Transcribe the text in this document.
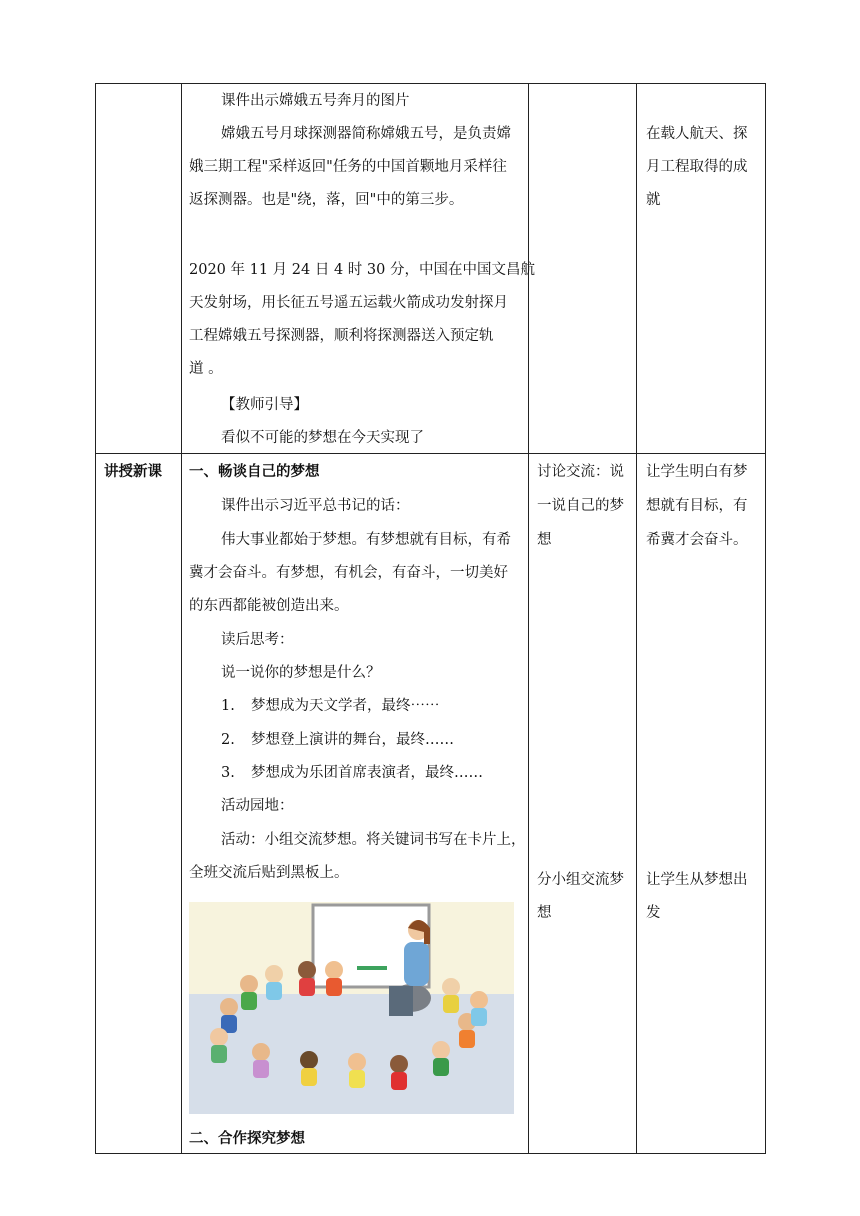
课件出示嫦娥五号奔月的图片
嫦娥五号月球探测器简称嫦娥五号，是负责嫦
娥三期工程"采样返回"任务的中国首颗地月采样往
返探测器。也是"绕，落，回"中的第三步。
2020 年 11 月 24 日 4 时 30 分，中国在中国文昌航
天发射场，用长征五号遥五运载火箭成功发射探月
工程嫦娥五号探测器，顺利将探测器送入预定轨
道 。
【教师引导】
看似不可能的梦想在今天实现了
在载人航天、探
月工程取得的成
就
讲授新课 一、畅谈自己的梦想
课件出示习近平总书记的话：
伟大事业都始于梦想。有梦想就有目标，有希
冀才会奋斗。有梦想，有机会，有奋斗，一切美好
的东西都能被创造出来。
读后思考：
说一说你的梦想是什么？
1. 梦想成为天文学者，最终⋯⋯
2. 梦想登上演讲的舞台，最终……
3. 梦想成为乐团首席表演者，最终……
活动园地：
活动：小组交流梦想。将关键词书写在卡片上，
全班交流后贴到黑板上。
二、合作探究梦想
讨论交流：说
一说自己的梦
想
分小组交流梦
想
让学生明白有梦
想就有目标，有
希冀才会奋斗。
让学生从梦想出
发
